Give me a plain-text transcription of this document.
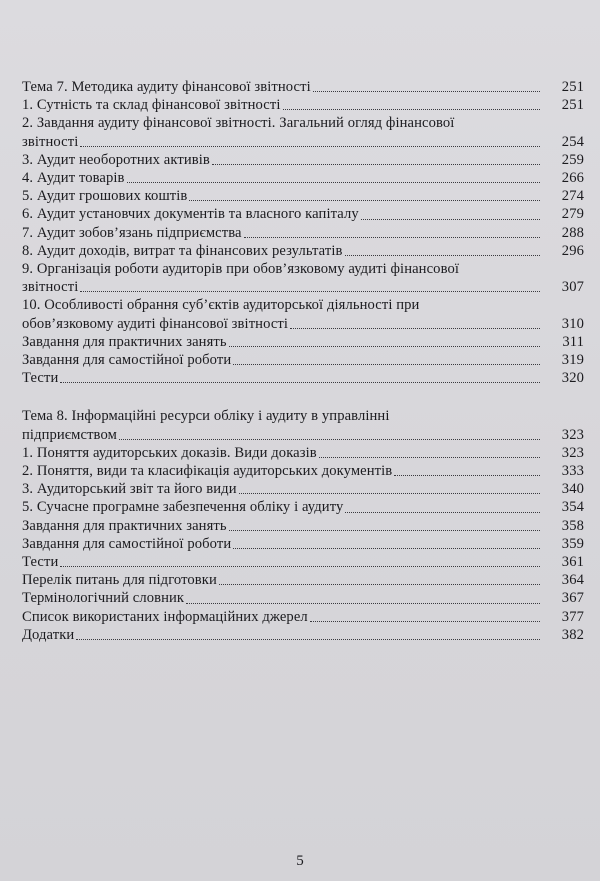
Тема 7. Методика аудиту фінансової звітності	251
1. Сутність та склад фінансової звітності	251
2. Завдання аудиту фінансової звітності. Загальний огляд фінансової
звітності	254
3. Аудит необоротних активів	259
4. Аудит товарів	266
5. Аудит грошових коштів	274
6. Аудит установчих документів та власного капіталу	279
7. Аудит зобов’язань підприємства	288
8. Аудит доходів, витрат та фінансових результатів	296
9. Організація роботи аудиторів при обов’язковому аудиті фінансової
звітності	307
10. Особливості обрання суб’єктів аудиторської діяльності при
обов’язковому аудиті фінансової звітності	310
Завдання для практичних занять	311
Завдання для самостійної роботи	319
Тести	320
Тема 8. Інформаційні ресурси обліку і аудиту в управлінні
підприємством	323
1. Поняття аудиторських доказів. Види доказів	323
2. Поняття, види та класифікація аудиторських документів	333
3. Аудиторський звіт та його види	340
5. Сучасне програмне забезпечення обліку і аудиту	354
Завдання для практичних занять	358
Завдання для самостійної роботи	359
Тести	361
Перелік питань для підготовки	364
Термінологічний словник	367
Список використаних інформаційних джерел	377
Додатки	382
5
